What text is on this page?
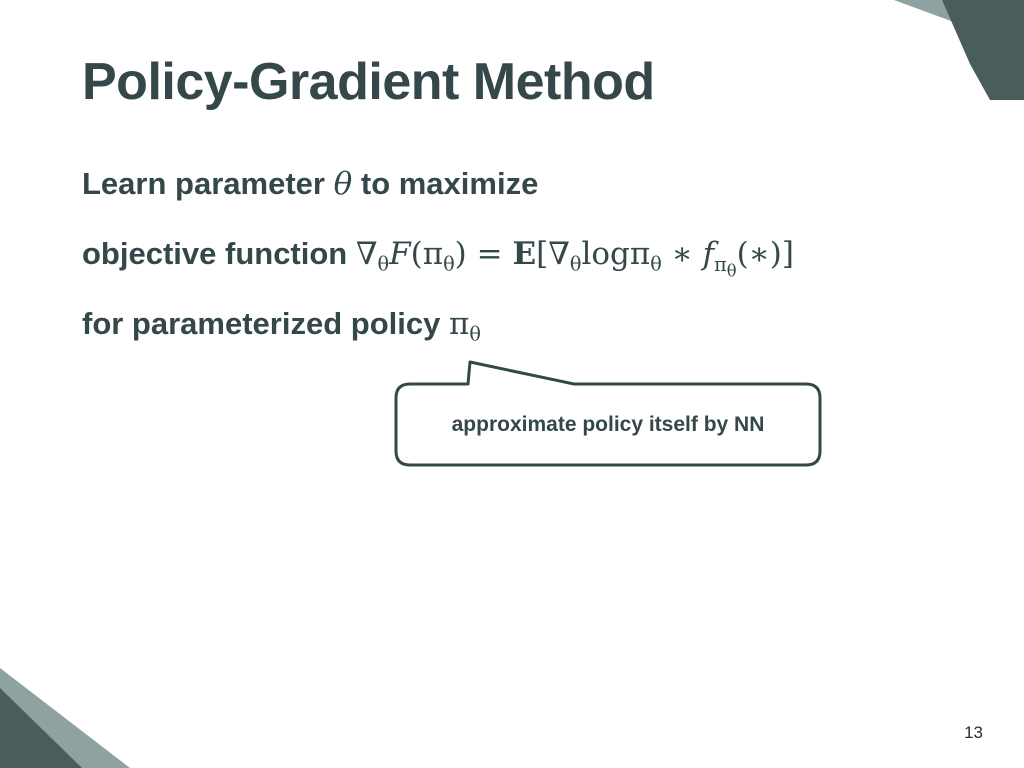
Policy-Gradient Method
Learn parameter θ to maximize
objective function $\nabla_\theta F(\pi_\theta) = E[\nabla_\theta\log\pi_\theta$ ∗ $f_{\pi_\theta}(∗)$]
for parameterized policy $\pi_\theta$
approximate policy itself by NN
13
